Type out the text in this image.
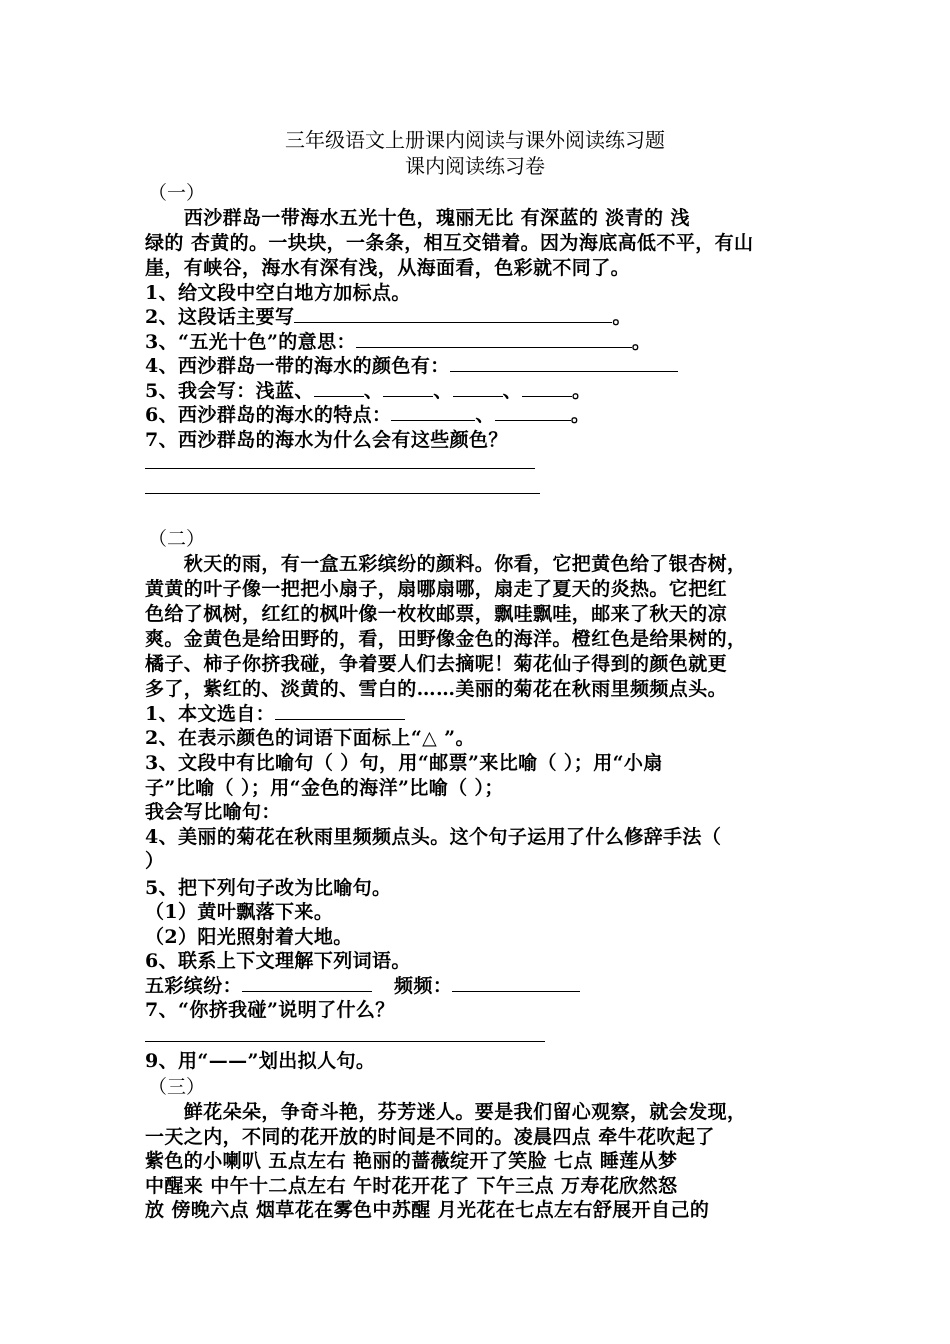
三年级语文上册课内阅读与课外阅读练习题
课内阅读练习卷
（一）
　　西沙群岛一带海水五光十色，瑰丽无比 有深蓝的 淡青的 浅
绿的 杏黄的。一块块，一条条，相互交错着。因为海底高低不平，有山
崖，有峡谷，海水有深有浅，从海面看，色彩就不同了。
1、给文段中空白地方加标点。
2、这段话主要写	。
3、“五光十色”的意思：	。
4、西沙群岛一带的海水的颜色有：
5、我会写：浅蓝、	、	、	、	。
6、西沙群岛的海水的特点：	、	。
7、西沙群岛的海水为什么会有这些颜色？
（二）
　　秋天的雨，有一盒五彩缤纷的颜料。你看，它把黄色给了银杏树，
黄黄的叶子像一把把小扇子，扇哪扇哪，扇走了夏天的炎热。它把红
色给了枫树，红红的枫叶像一枚枚邮票，飘哇飘哇，邮来了秋天的凉
爽。金黄色是给田野的，看，田野像金色的海洋。橙红色是给果树的，
橘子、柿子你挤我碰，争着要人们去摘呢！菊花仙子得到的颜色就更
多了，紫红的、淡黄的、雪白的……美丽的菊花在秋雨里频频点头。
1、本文选自：
2、在表示颜色的词语下面标上“△ ”。
3、文段中有比喻句（ ）句，用“邮票”来比喻（ ）；用“小扇
子”比喻（ ）；用“金色的海洋”比喻（ ）；
我会写比喻句：
4、美丽的菊花在秋雨里频频点头。这个句子运用了什么修辞手法（
）
5、把下列句子改为比喻句。
（1）黄叶飘落下来。
（2）阳光照射着大地。
6、联系上下文理解下列词语。
五彩缤纷：	频频：
7、“你挤我碰”说明了什么？
9、用“——”划出拟人句。
（三）
　　鲜花朵朵，争奇斗艳，芬芳迷人。要是我们留心观察，就会发现，
一天之内，不同的花开放的时间是不同的。凌晨四点 牵牛花吹起了
紫色的小喇叭 五点左右 艳丽的蔷薇绽开了笑脸 七点 睡莲从梦
中醒来 中午十二点左右 午时花开花了 下午三点 万寿花欣然怒
放 傍晚六点 烟草花在雾色中苏醒 月光花在七点左右舒展开自己的
